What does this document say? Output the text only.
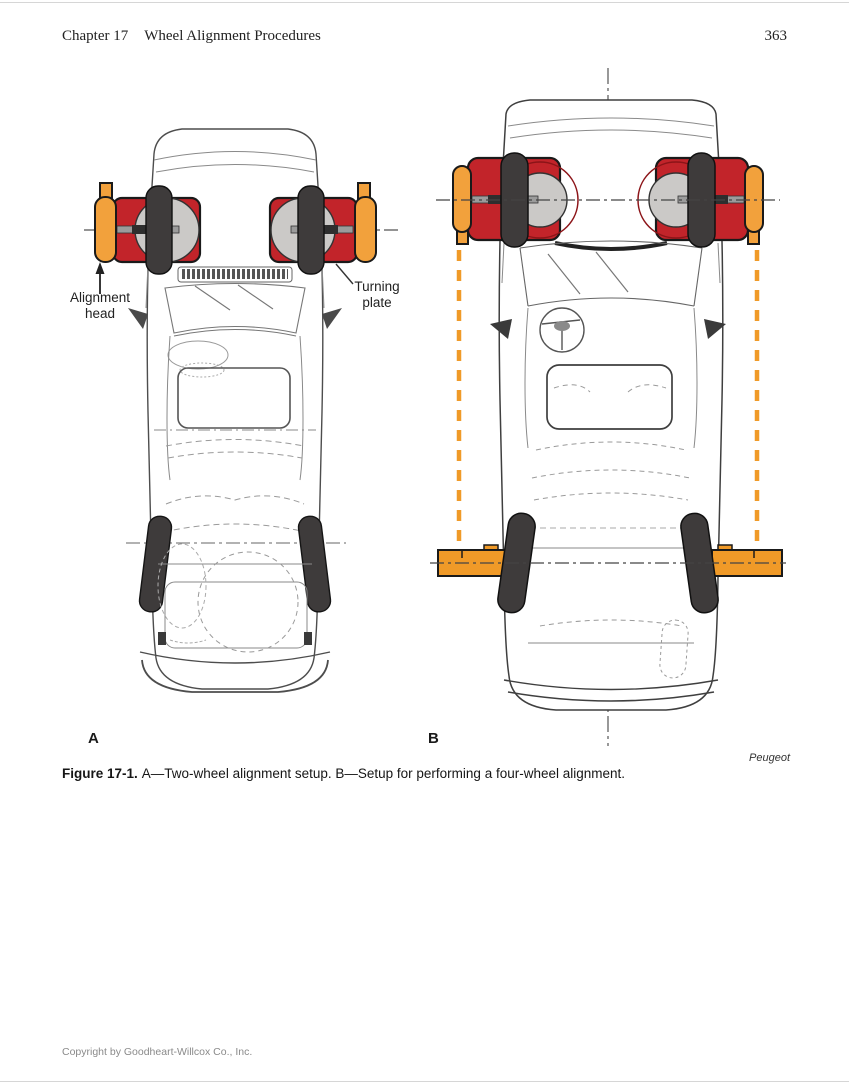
Chapter 17 Wheel Alignment Procedures	363
Alignment
head
Turning
plate
A	B
Peugeot
Figure 17-1. A—Two-wheel alignment setup. B—Setup for performing a four-wheel alignment.
Copyright by Goodheart-Willcox Co., Inc.
